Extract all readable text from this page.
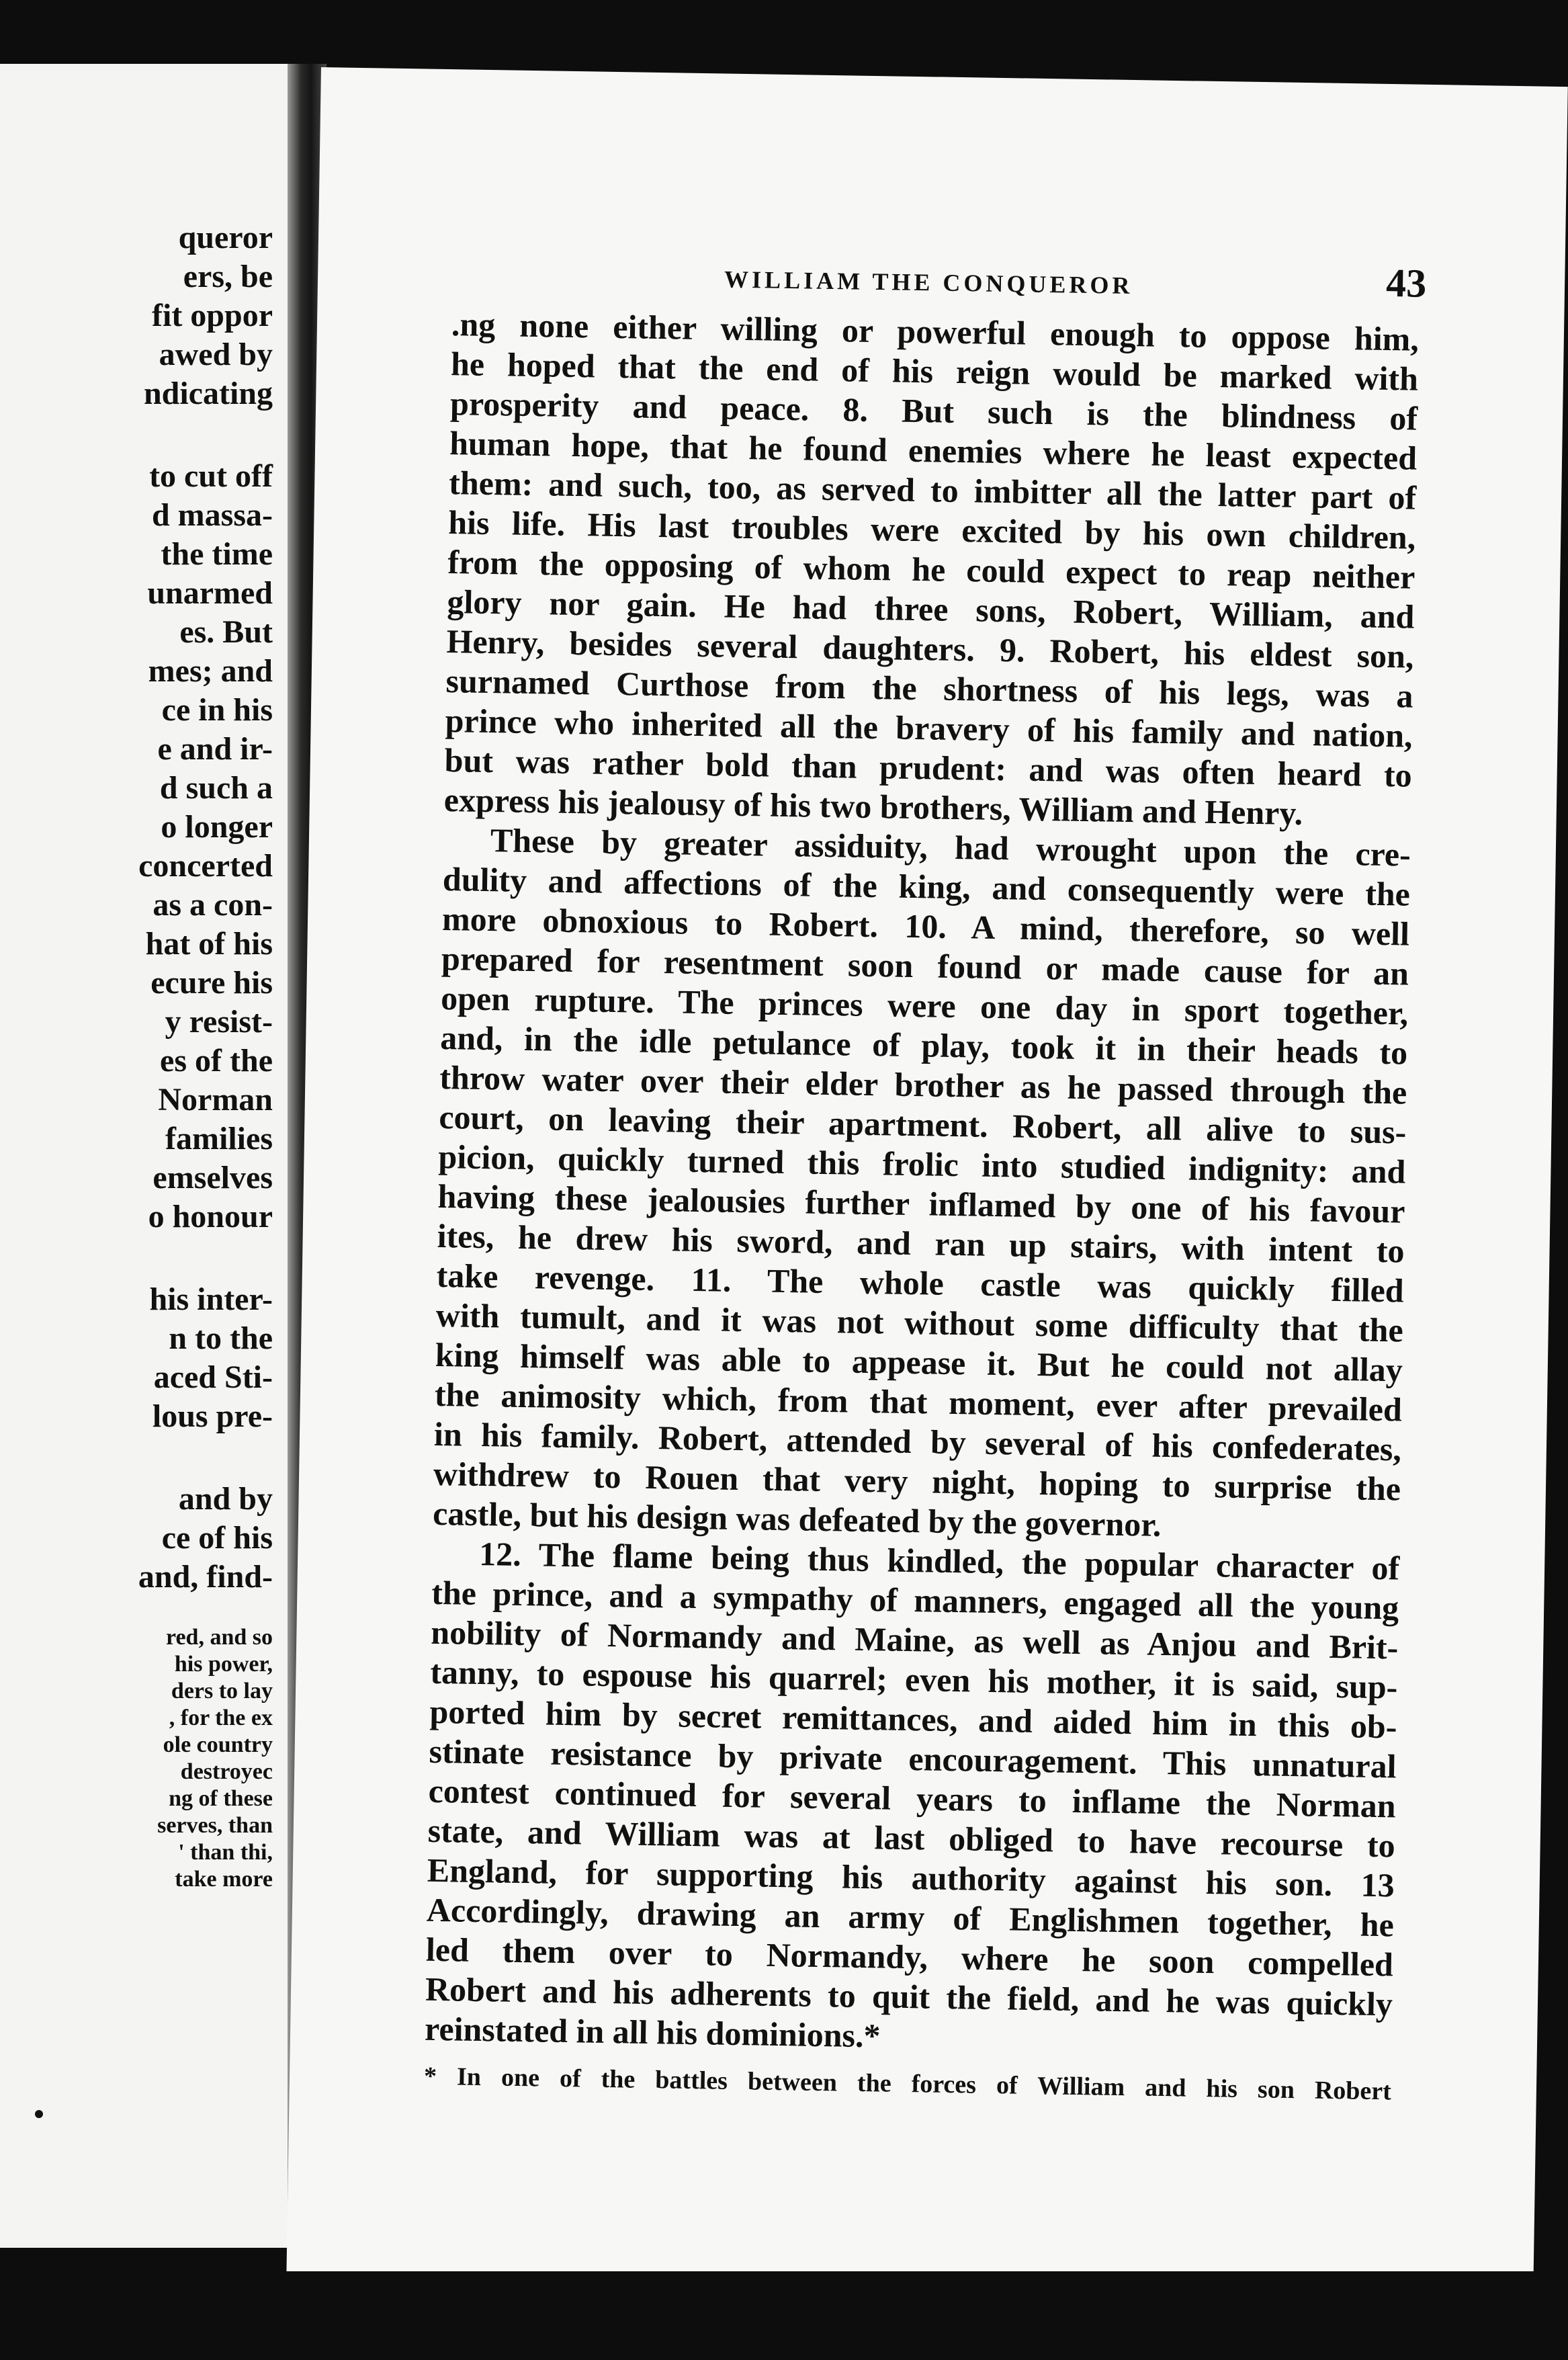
queror
ers, be
fit oppor
awed by
ndicating
to cut off
d massa-
the time
unarmed
es. But
mes; and
ce in his
e and ir-
d such a
o longer
concerted
as a con-
hat of his
ecure his
y resist-
es of the
Norman
families
emselves
o honour
his inter-
n to the
aced Sti-
lous pre-
and by
ce of his
and, find-
red, and so
his power,
ders to lay
, for the ex
ole country
destroyec
ng of these
serves, than
' than thi,
take more
WILLIAM THE CONQUEROR	43
.ng none either willing or powerful enough to oppose him,
he hoped that the end of his reign would be marked with
prosperity and peace. 8. But such is the blindness of
human hope, that he found enemies where he least expected
them: and such, too, as served to imbitter all the latter part of
his life. His last troubles were excited by his own children,
from the opposing of whom he could expect to reap neither
glory nor gain. He had three sons, Robert, William, and
Henry, besides several daughters. 9. Robert, his eldest son,
surnamed Curthose from the shortness of his legs, was a
prince who inherited all the bravery of his family and nation,
but was rather bold than prudent: and was often heard to
express his jealousy of his two brothers, William and Henry.
These by greater assiduity, had wrought upon the cre-
dulity and affections of the king, and consequently were the
more obnoxious to Robert. 10. A mind, therefore, so well
prepared for resentment soon found or made cause for an
open rupture. The princes were one day in sport together,
and, in the idle petulance of play, took it in their heads to
throw water over their elder brother as he passed through the
court, on leaving their apartment. Robert, all alive to sus-
picion, quickly turned this frolic into studied indignity: and
having these jealousies further inflamed by one of his favour
ites, he drew his sword, and ran up stairs, with intent to
take revenge. 11. The whole castle was quickly filled
with tumult, and it was not without some difficulty that the
king himself was able to appease it. But he could not allay
the animosity which, from that moment, ever after prevailed
in his family. Robert, attended by several of his confederates,
withdrew to Rouen that very night, hoping to surprise the
castle, but his design was defeated by the governor.
12. The flame being thus kindled, the popular character of
the prince, and a sympathy of manners, engaged all the young
nobility of Normandy and Maine, as well as Anjou and Brit-
tanny, to espouse his quarrel; even his mother, it is said, sup-
ported him by secret remittances, and aided him in this ob-
stinate resistance by private encouragement. This unnatural
contest continued for several years to inflame the Norman
state, and William was at last obliged to have recourse to
England, for supporting his authority against his son. 13
Accordingly, drawing an army of Englishmen together, he
led them over to Normandy, where he soon compelled
Robert and his adherents to quit the field, and he was quickly
reinstated in all his dominions.*
* In one of the battles between the forces of William and his son Robert
